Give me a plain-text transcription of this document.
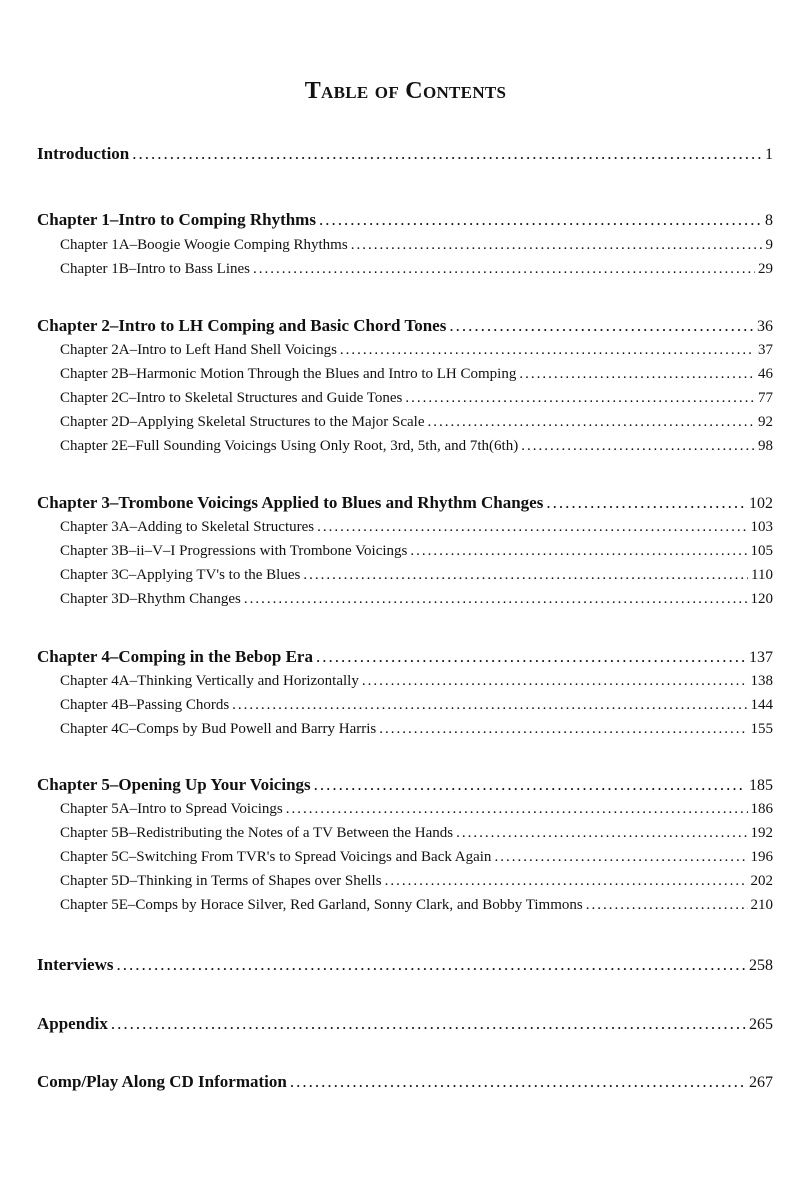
Table of Contents
Introduction .....	1
Chapter 1–Intro to Comping Rhythms .....	8
Chapter 1A–Boogie Woogie Comping Rhythms .....	9
Chapter 1B–Intro to Bass Lines .....	29
Chapter 2–Intro to LH Comping and Basic Chord Tones .....	36
Chapter 2A–Intro to Left Hand Shell Voicings .....	37
Chapter 2B–Harmonic Motion Through the Blues and Intro to LH Comping .....	46
Chapter 2C–Intro to Skeletal Structures and Guide Tones .....	77
Chapter 2D–Applying Skeletal Structures to the Major Scale .....	92
Chapter 2E–Full Sounding Voicings Using Only Root, 3rd, 5th, and 7th(6th) .....	98
Chapter 3–Trombone Voicings Applied to Blues and Rhythm Changes .....	102
Chapter 3A–Adding to Skeletal Structures .....	103
Chapter 3B–ii–V–I Progressions with Trombone Voicings .....	105
Chapter 3C–Applying TV's to the Blues .....	110
Chapter 3D–Rhythm Changes .....	120
Chapter 4–Comping in the Bebop Era .....	137
Chapter 4A–Thinking Vertically and Horizontally .....	138
Chapter 4B–Passing Chords .....	144
Chapter 4C–Comps by Bud Powell and Barry Harris .....	155
Chapter 5–Opening Up Your Voicings .....	185
Chapter 5A–Intro to Spread Voicings .....	186
Chapter 5B–Redistributing the Notes of a TV Between the Hands .....	192
Chapter 5C–Switching From TVR's to Spread Voicings and Back Again .....	196
Chapter 5D–Thinking in Terms of Shapes over Shells .....	202
Chapter 5E–Comps by Horace Silver, Red Garland, Sonny Clark, and Bobby Timmons .....	210
Interviews .....	258
Appendix .....	265
Comp/Play Along CD Information .....	267
